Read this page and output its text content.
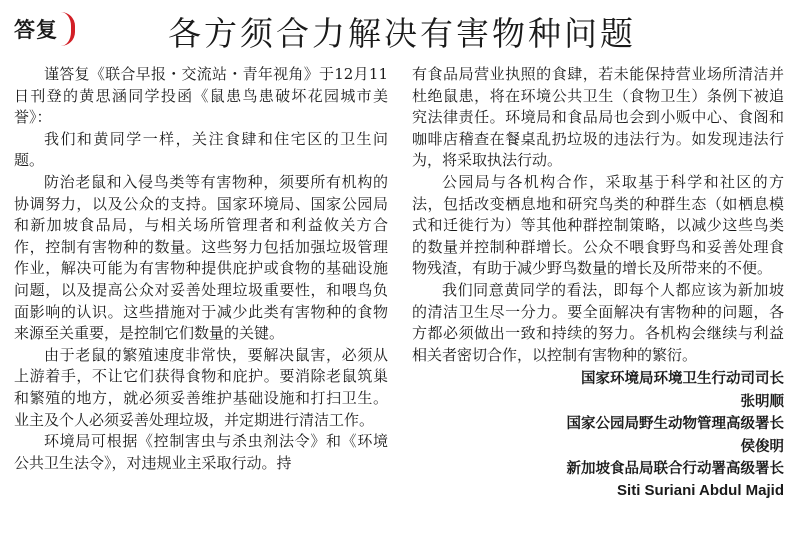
答复	各方须合力解决有害物种问题

谨答复《联合早报・交流站・青年视角》于12月11日刊登的黄思涵同学投函《鼠患鸟患破坏花园城市美誉》：

我们和黄同学一样，关注食肆和住宅区的卫生问题。

防治老鼠和入侵鸟类等有害物种，须要所有机构的协调努力，以及公众的支持。国家环境局、国家公园局和新加坡食品局，与相关场所管理者和利益攸关方合作，控制有害物种的数量。这些努力包括加强垃圾管理作业，解决可能为有害物种提供庇护或食物的基础设施问题，以及提高公众对妥善处理垃圾重要性，和喂鸟负面影响的认识。这些措施对于减少此类有害物种的食物来源至关重要，是控制它们数量的关键。

由于老鼠的繁殖速度非常快，要解决鼠害，必须从上游着手，不让它们获得食物和庇护。要消除老鼠筑巢和繁殖的地方，就必须妥善维护基础设施和打扫卫生。业主及个人必须妥善处理垃圾，并定期进行清洁工作。

环境局可根据《控制害虫与杀虫剂法令》和《环境公共卫生法令》，对违规业主采取行动。持

有食品局营业执照的食肆，若未能保持营业场所清洁并杜绝鼠患，将在环境公共卫生（食物卫生）条例下被追究法律责任。环境局和食品局也会到小贩中心、食阁和咖啡店稽查在餐桌乱扔垃圾的违法行为。如发现违法行为，将采取执法行动。

公园局与各机构合作，采取基于科学和社区的方法，包括改变栖息地和研究鸟类的种群生态（如栖息模式和迁徙行为）等其他种群控制策略，以减少这些鸟类的数量并控制种群增长。公众不喂食野鸟和妥善处理食物残渣，有助于减少野鸟数量的增长及所带来的不便。

我们同意黄同学的看法，即每个人都应该为新加坡的清洁卫生尽一分力。要全面解决有害物种的问题，各方都必须做出一致和持续的努力。各机构会继续与利益相关者密切合作，以控制有害物种的繁衍。

国家环境局环境卫生行动司司长
张明顺
国家公园局野生动物管理高级署长
侯俊明
新加坡食品局联合行动署高级署长
Siti Suriani Abdul Majid
